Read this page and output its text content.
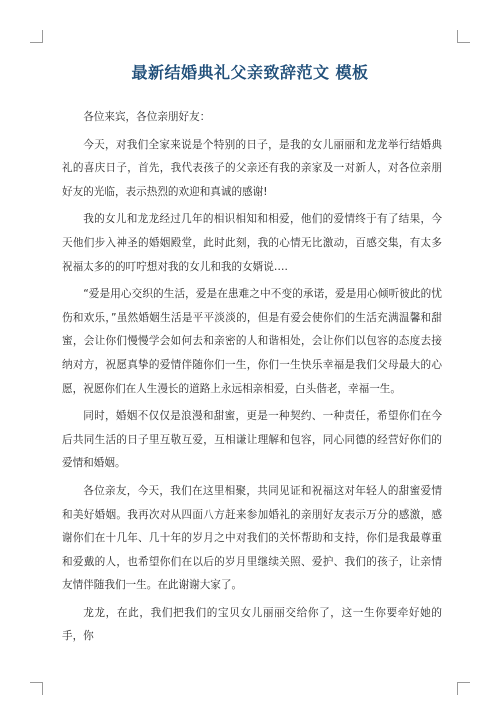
最新结婚典礼父亲致辞范文 模板

各位来宾，各位亲朋好友：

今天，对我们全家来说是个特别的日子，是我的女儿丽丽和龙龙举行结婚典礼的喜庆日子，首先，我代表孩子的父亲还有我的亲家及一对新人，对各位亲朋好友的光临，表示热烈的欢迎和真诚的感谢!

我的女儿和龙龙经过几年的相识相知和相爱，他们的爱情终于有了结果，今天他们步入神圣的婚姻殿堂，此时此刻，我的心情无比激动，百感交集，有太多祝福太多的的叮咛想对我的女儿和我的女婿说….

“爱是用心交织的生活，爱是在患难之中不变的承诺，爱是用心倾听彼此的忧伤和欢乐，”虽然婚姻生活是平平淡淡的，但是有爱会使你们的生活充满温馨和甜蜜，会让你们慢慢学会如何去和亲密的人和谐相处，会让你们以包容的态度去接纳对方，祝愿真挚的爱情伴随你们一生，你们一生快乐幸福是我们父母最大的心愿，祝愿你们在人生漫长的道路上永远相亲相爱，白头偕老，幸福一生。

同时，婚姻不仅仅是浪漫和甜蜜，更是一种契约、一种责任，希望你们在今后共同生活的日子里互敬互爱，互相谦让理解和包容，同心同德的经营好你们的爱情和婚姻。

各位亲友，今天，我们在这里相聚，共同见证和祝福这对年轻人的甜蜜爱情和美好婚姻。我再次对从四面八方赶来参加婚礼的亲朋好友表示万分的感激，感谢你们在十几年、几十年的岁月之中对我们的关怀帮助和支持，你们是我最尊重和爱戴的人，也希望你们在以后的岁月里继续关照、爱护、我们的孩子，让亲情友情伴随我们一生。在此谢谢大家了。

龙龙，在此，我们把我们的宝贝女儿丽丽交给你了，这一生你要牵好她的手，你
